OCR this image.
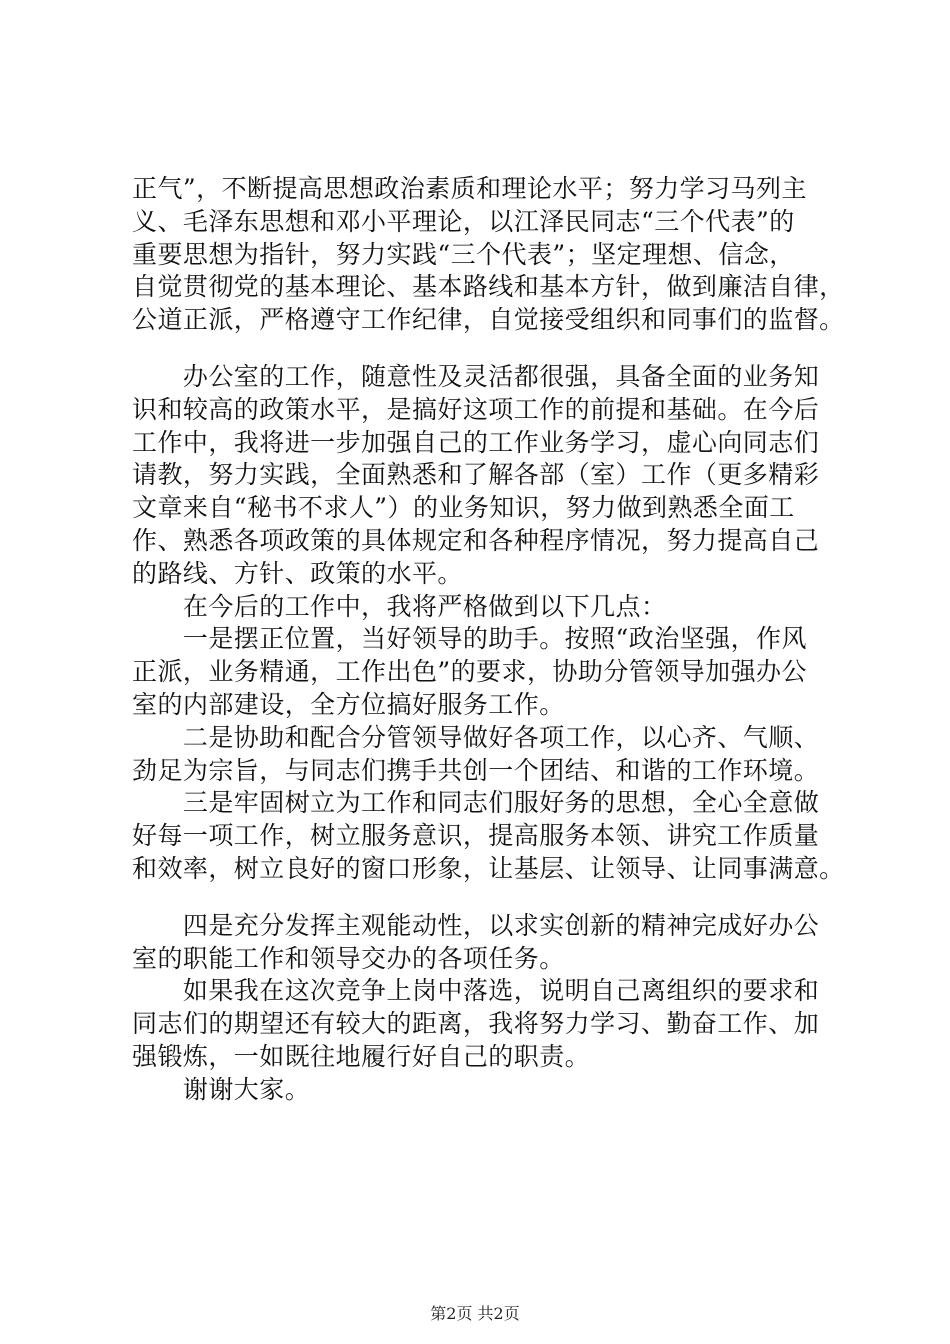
正气”，不断提高思想政治素质和理论水平；努力学习马列主
义、毛泽东思想和邓小平理论，以江泽民同志“三个代表”的
重要思想为指针，努力实践“三个代表”；坚定理想、信念，
自觉贯彻党的基本理论、基本路线和基本方针，做到廉洁自律，
公道正派，严格遵守工作纪律，自觉接受组织和同事们的监督。
　　办公室的工作，随意性及灵活都很强，具备全面的业务知
识和较高的政策水平，是搞好这项工作的前提和基础。在今后
工作中，我将进一步加强自己的工作业务学习，虚心向同志们
请教，努力实践，全面熟悉和了解各部（室）工作（更多精彩
文章来自“秘书不求人”）的业务知识，努力做到熟悉全面工
作、熟悉各项政策的具体规定和各种程序情况，努力提高自己
的路线、方针、政策的水平。
　　在今后的工作中，我将严格做到以下几点：
　　一是摆正位置，当好领导的助手。按照“政治坚强，作风
正派，业务精通，工作出色”的要求，协助分管领导加强办公
室的内部建设，全方位搞好服务工作。
　　二是协助和配合分管领导做好各项工作，以心齐、气顺、
劲足为宗旨，与同志们携手共创一个团结、和谐的工作环境。
　　三是牢固树立为工作和同志们服好务的思想，全心全意做
好每一项工作，树立服务意识，提高服务本领、讲究工作质量
和效率，树立良好的窗口形象，让基层、让领导、让同事满意。
　　四是充分发挥主观能动性，以求实创新的精神完成好办公
室的职能工作和领导交办的各项任务。
　　如果我在这次竞争上岗中落选，说明自己离组织的要求和
同志们的期望还有较大的距离，我将努力学习、勤奋工作、加
强锻炼，一如既往地履行好自己的职责。
　　谢谢大家。
第2页 共2页
